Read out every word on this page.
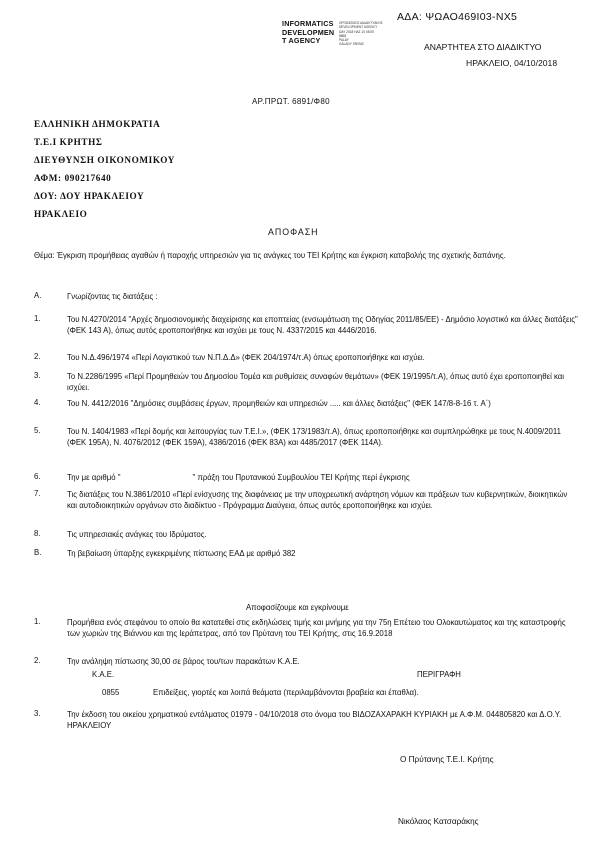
ΑΔΑ: ΨΩΑΟ469Ι03-ΝΧ5
INFORMATICS
DEVELOPMEN
T AGENCY
ΟΡΓΑΝΙΣΜΟΣ ΔΙΑΔΙΚΤΥΑΚΗΣ
DEVELOPMENT AGENCY
ΩΑΥ 2018 ΗΑΣ 10 08 ΙΕΙ
8868
PALAY
GALADY SRVMC	ΑΝΑΡΤΗΤΕΑ ΣΤΟ ΔΙΑΔΙΚΤΥΟ
ΗΡΑΚΛΕΙΟ, 04/10/2018
ΑΡ.ΠΡΩΤ. 6891/Φ80
ΕΛΛΗΝΙΚΗ ΔΗΜΟΚΡΑΤΙΑ
Τ.Ε.Ι ΚΡΗΤΗΣ
ΔΙΕΥΘΥΝΣΗ ΟΙΚΟΝΟΜΙΚΟΥ
ΑΦΜ: 090217640
ΔΟΥ: ΔΟΥ ΗΡΑΚΛΕΙΟΥ
ΗΡΑΚΛΕΙΟ
ΑΠΟΦΑΣΗ
Θέμα: Έγκριση προμήθειας αγαθών ή παροχής υπηρεσιών για τις ανάγκες του ΤΕΙ Κρήτης και έγκριση καταβολής της σχετικής δαπάνης.
Α.	Γνωρίζοντας τις διατάξεις :
1.	Του Ν.4270/2014 "Αρχές δημοσιονομικής διαχείρισης και εποπτείας (ενσωμάτωση της Οδηγίας 2011/85/ΕΕ) - Δημόσιο λογιστικό και άλλες διατάξεις" (ΦΕΚ 143 Α), όπως αυτός εροποποιήθηκε και ισχύει με τους Ν. 4337/2015 και 4446/2016.
2.	Του Ν.Δ.496/1974 «Περί Λογιστικού των Ν.Π.Δ.Δ» (ΦΕΚ 204/1974/τ.Α) όπως εροποποιήθηκε και ισχύει.
3.	Το Ν.2286/1995 «Περί Προμηθειών του Δημοσίου Τομέα και ρυθμίσεις συναφών θεμάτων» (ΦΕΚ 19/1995/τ.Α), όπως αυτό έχει εροποποιηθεί και ισχύει.
4.	Του Ν. 4412/2016 "Δημόσιες συμβάσεις έργων, προμηθειών και υπηρεσιών ..... και άλλες διατάξεις" (ΦΕΚ 147/8-8-16 τ. Α΄)
5.	Του Ν. 1404/1983 «Περί δομής και λειτουργίας των Τ.Ε.Ι.», (ΦΕΚ 173/1983/τ.Α), όπως εροποποιήθηκε και συμπληρώθηκε με τους Ν.4009/2011 (ΦΕΚ 195Α), Ν. 4076/2012 (ΦΕΚ 159Α), 4386/2016 (ΦΕΚ 83Α) και 4485/2017 (ΦΕΚ 114Α).
6.	Την με αριθμό "	" πράξη του Πρυτανικού Συμβουλίου ΤΕΙ Κρήτης περί έγκρισης
7.	Τις διατάξεις του Ν.3861/2010 «Περί ενίσχυσης της διαφάνειας με την υποχρεωτική ανάρτηση νόμων και πράξεων των κυβερνητικών, διοικητικών και αυτοδιοικητικών οργάνων στο διαδίκτυο - Πρόγραμμα Διαύγεια, όπως αυτός εροποποιήθηκε και ισχύει.
8.	Τις υπηρεσιακές ανάγκες του Ιδρύματος.
Β.	Τη βεβαίωση ύπαρξης εγκεκριμένης πίστωσης ΕΑΔ με αριθμό 382
Αποφασίζουμε και εγκρίνουμε
1.	Προμήθεια ενός στεφάνου το οποίο θα κατατεθεί στις εκδηλώσεις τιμής και μνήμης για την 75η Επέτειο του Ολοκαυτώματος και της καταστροφής των χωριών της Βιάννου και της Ιεράπετρας, από τον Πρύτανη του ΤΕΙ Κρήτης, στις 16.9.2018
2.	Την ανάληψη πίστωσης 30,00 σε βάρος του/των παρακάτων Κ.Α.Ε.
Κ.Α.Ε.	ΠΕΡΙΓΡΑΦΗ
0855	Επιδείξεις, γιορτές και λοιπά θεάματα (περιλαμβάνονται βραβεία και έπαθλα).
3.	Την έκδοση του οικείου χρηματικού εντάλματος 01979 - 04/10/2018 στο όνομα του ΒΙΔΟΖΑΧΑΡΑΚΗ ΚΥΡΙΑΚΗ με Α.Φ.Μ. 044805820 και Δ.Ο.Υ. ΗΡΑΚΛΕΙΟΥ
Ο Πρύτανης Τ.Ε.Ι. Κρήτης
Νικόλαος Κατσαράκης
